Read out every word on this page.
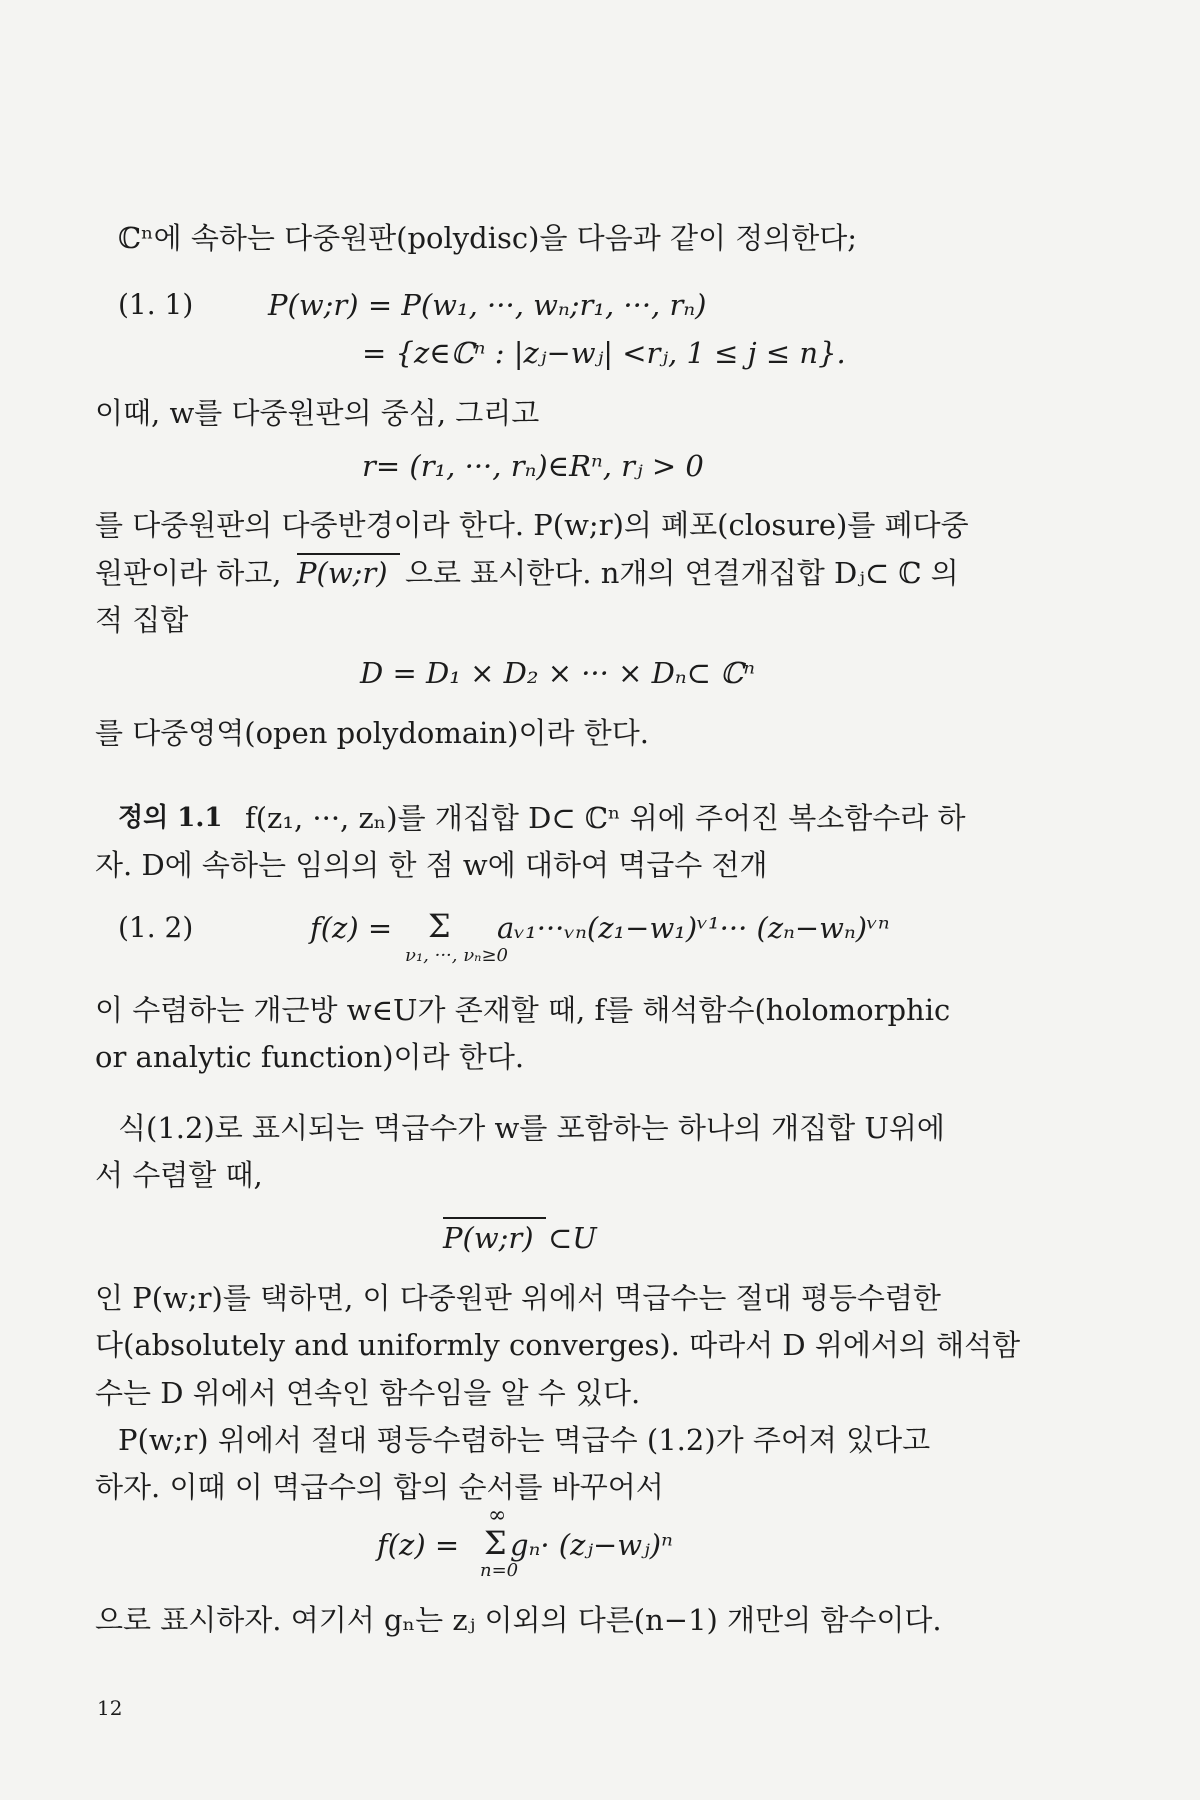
ℂⁿ에 속하는 다중원판(polydisc)을 다음과 같이 정의한다;
(1. 1)	P(w;r) = P(w₁, ···, wₙ;r₁, ···, rₙ)
= {z∈ℂⁿ : |zⱼ−wⱼ| <rⱼ, 1 ≤ j ≤ n}.
이때, w를 다중원판의 중심, 그리고
r= (r₁, ···, rₙ)∈Rⁿ, rⱼ > 0
를 다중원판의 다중반경이라 한다. P(w;r)의 폐포(closure)를 폐다중
원판이라 하고, P(w;r) 으로 표시한다. n개의 연결개집합 Dⱼ⊂ ℂ 의
적 집합
D = D₁ × D₂ × ··· × Dₙ⊂ ℂⁿ
를 다중영역(open polydomain)이라 한다.
정의 1.1 f(z₁, ···, zₙ)를 개집합 D⊂ ℂⁿ 위에 주어진 복소함수라 하
자. D에 속하는 임의의 한 점 w에 대하여 멱급수 전개
(1. 2)	f(z) = Σ aᵥ₁···ᵥₙ(z₁−w₁)ᵛ¹··· (zₙ−wₙ)ᵛⁿ
ν₁, ···, νₙ≥0
이 수렴하는 개근방 w∈U가 존재할 때, f를 해석함수(holomorphic
or analytic function)이라 한다.
식(1.2)로 표시되는 멱급수가 w를 포함하는 하나의 개집합 U위에
서 수렴할 때,
P(w;r) ⊂U
인 P(w;r)를 택하면, 이 다중원판 위에서 멱급수는 절대 평등수렴한
다(absolutely and uniformly converges). 따라서 D 위에서의 해석함
수는 D 위에서 연속인 함수임을 알 수 있다.
P(w;r) 위에서 절대 평등수렴하는 멱급수 (1.2)가 주어져 있다고
하자. 이때 이 멱급수의 합의 순서를 바꾸어서
∞
f(z) = Σ gₙ· (zⱼ−wⱼ)ⁿ
n=0
으로 표시하자. 여기서 gₙ는 zⱼ 이외의 다른(n−1) 개만의 함수이다.
12
